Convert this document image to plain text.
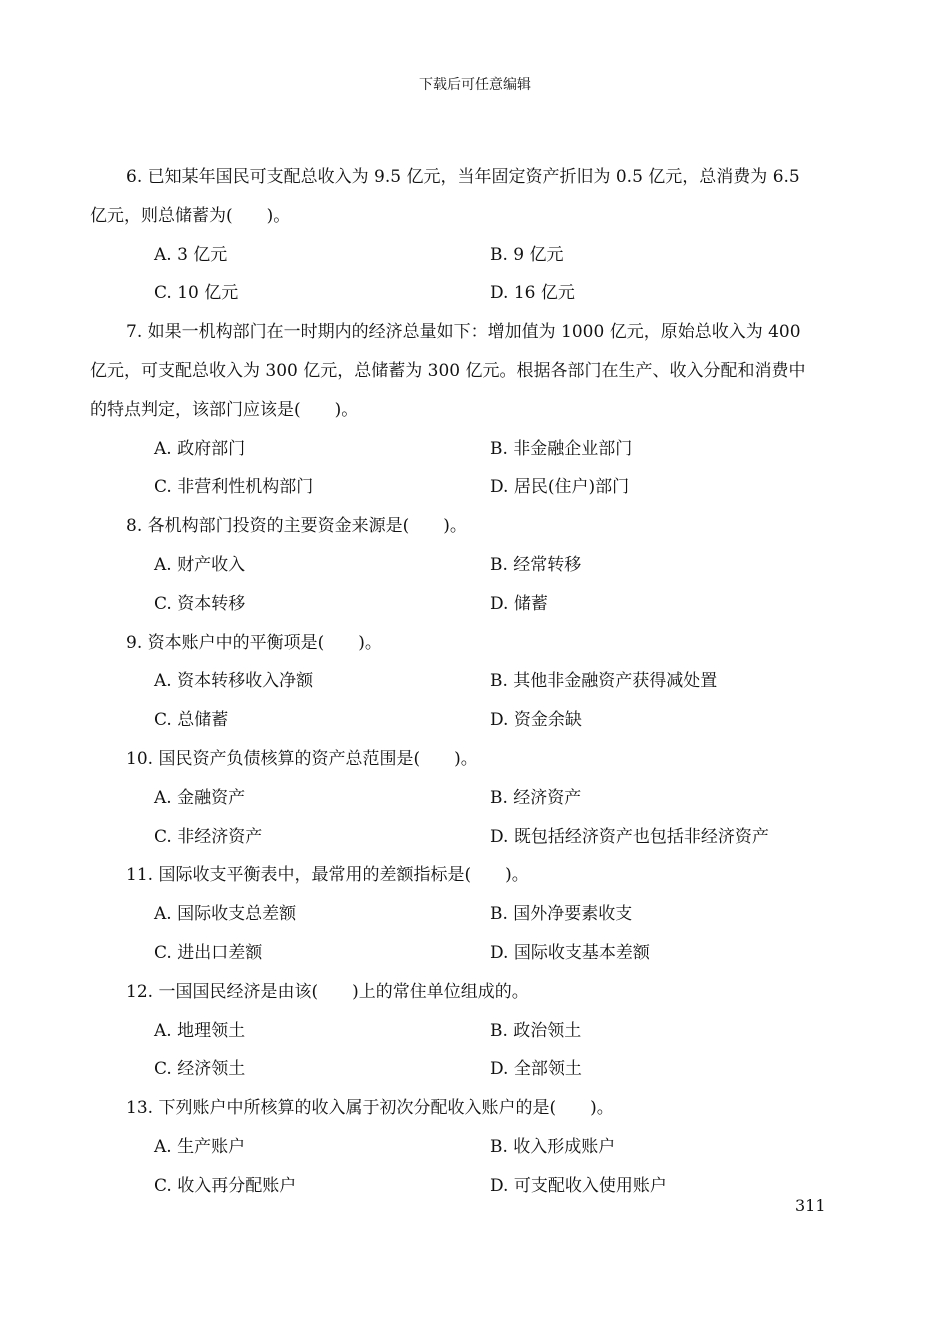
下载后可任意编辑
6. 已知某年国民可支配总收入为 9.5 亿元，当年固定资产折旧为 0.5 亿元，总消费为 6.5
亿元，则总储蓄为(　　)。
A. 3 亿元	B. 9 亿元
C. 10 亿元	D. 16 亿元
7. 如果一机构部门在一时期内的经济总量如下：增加值为 1000 亿元，原始总收入为 400
亿元，可支配总收入为 300 亿元，总储蓄为 300 亿元。根据各部门在生产、收入分配和消费中
的特点判定，该部门应该是(　　)。
A. 政府部门	B. 非金融企业部门
C. 非营利性机构部门	D. 居民(住户)部门
8. 各机构部门投资的主要资金来源是(　　)。
A. 财产收入	B. 经常转移
C. 资本转移	D. 储蓄
9. 资本账户中的平衡项是(　　)。
A. 资本转移收入净额	B. 其他非金融资产获得减处置
C. 总储蓄	D. 资金余缺
10. 国民资产负债核算的资产总范围是(　　)。
A. 金融资产	B. 经济资产
C. 非经济资产	D. 既包括经济资产也包括非经济资产
11. 国际收支平衡表中，最常用的差额指标是(　　)。
A. 国际收支总差额	B. 国外净要素收支
C. 进出口差额	D. 国际收支基本差额
12. 一国国民经济是由该(　　)上的常住单位组成的。
A. 地理领土	B. 政治领土
C. 经济领土	D. 全部领土
13. 下列账户中所核算的收入属于初次分配收入账户的是(　　)。
A. 生产账户	B. 收入形成账户
C. 收入再分配账户	D. 可支配收入使用账户
311
